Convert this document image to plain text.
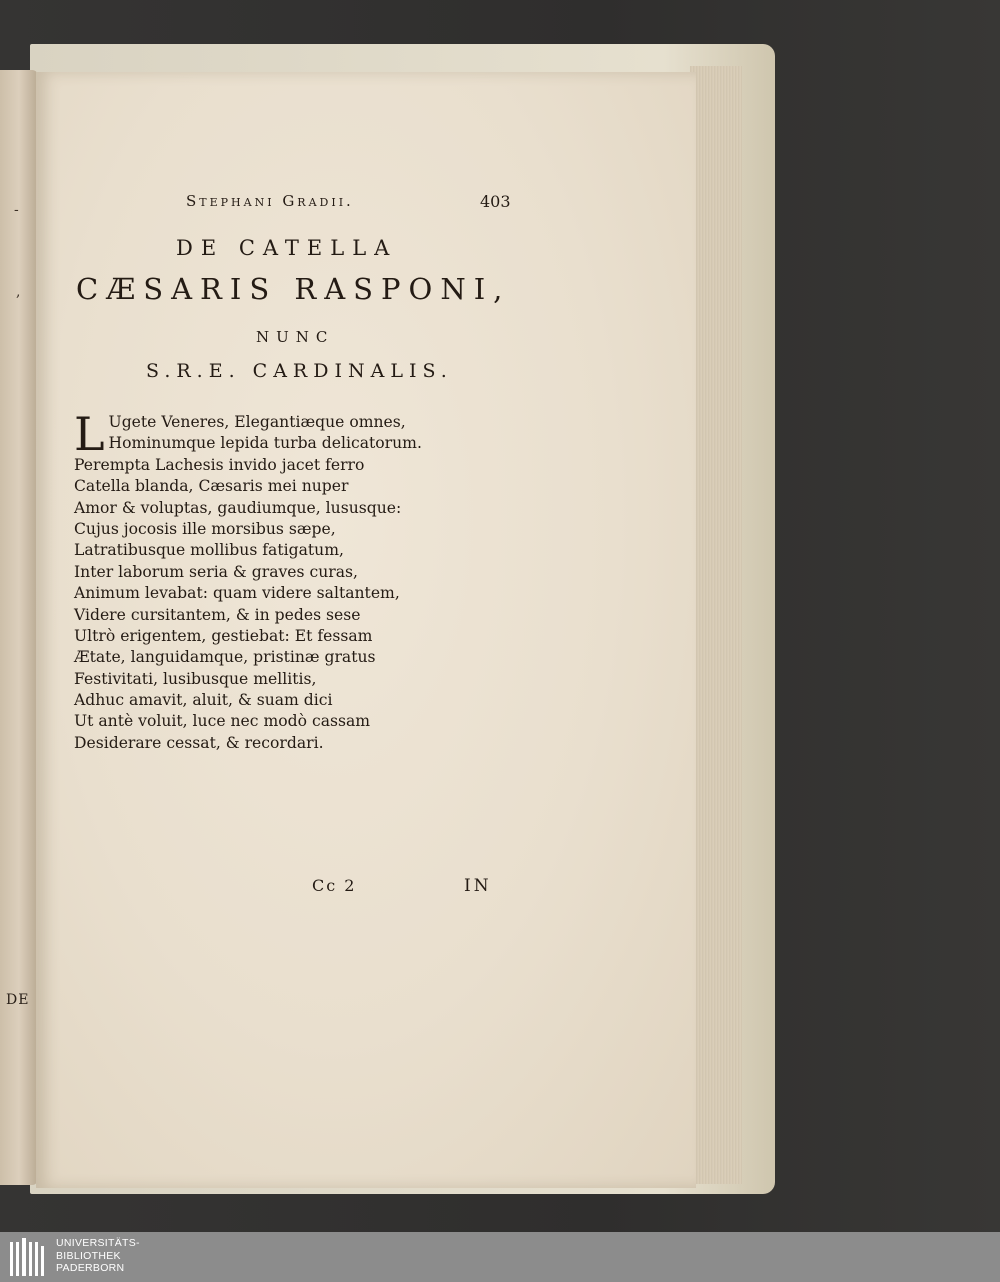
-
,
DE
Stephani Gradii.	403
DE CATELLA
CÆSARIS RASPONI,
NUNC
S.R.E. CARDINALIS.
L Ugete Veneres, Elegantiæque omnes,
Hominumque lepida turba delicatorum.
Perempta Lachesis invido jacet ferro
Catella blanda, Cæsaris mei nuper
Amor & voluptas, gaudiumque, lususque:
Cujus jocosis ille morsibus sæpe,
Latratibusque mollibus fatigatum,
Inter laborum seria & graves curas,
Animum levabat: quam videre saltantem,
Videre cursitantem, & in pedes sese
Ultrò erigentem, gestiebat: Et fessam
Ætate, languidamque, pristinæ gratus
Festivitati, lusibusque mellitis,
Adhuc amavit, aluit, & suam dici
Ut antè voluit, luce nec modò cassam
Desiderare cessat, & recordari.
Cc 2	IN
UNIVERSITÄTS-
BIBLIOTHEK
PADERBORN
